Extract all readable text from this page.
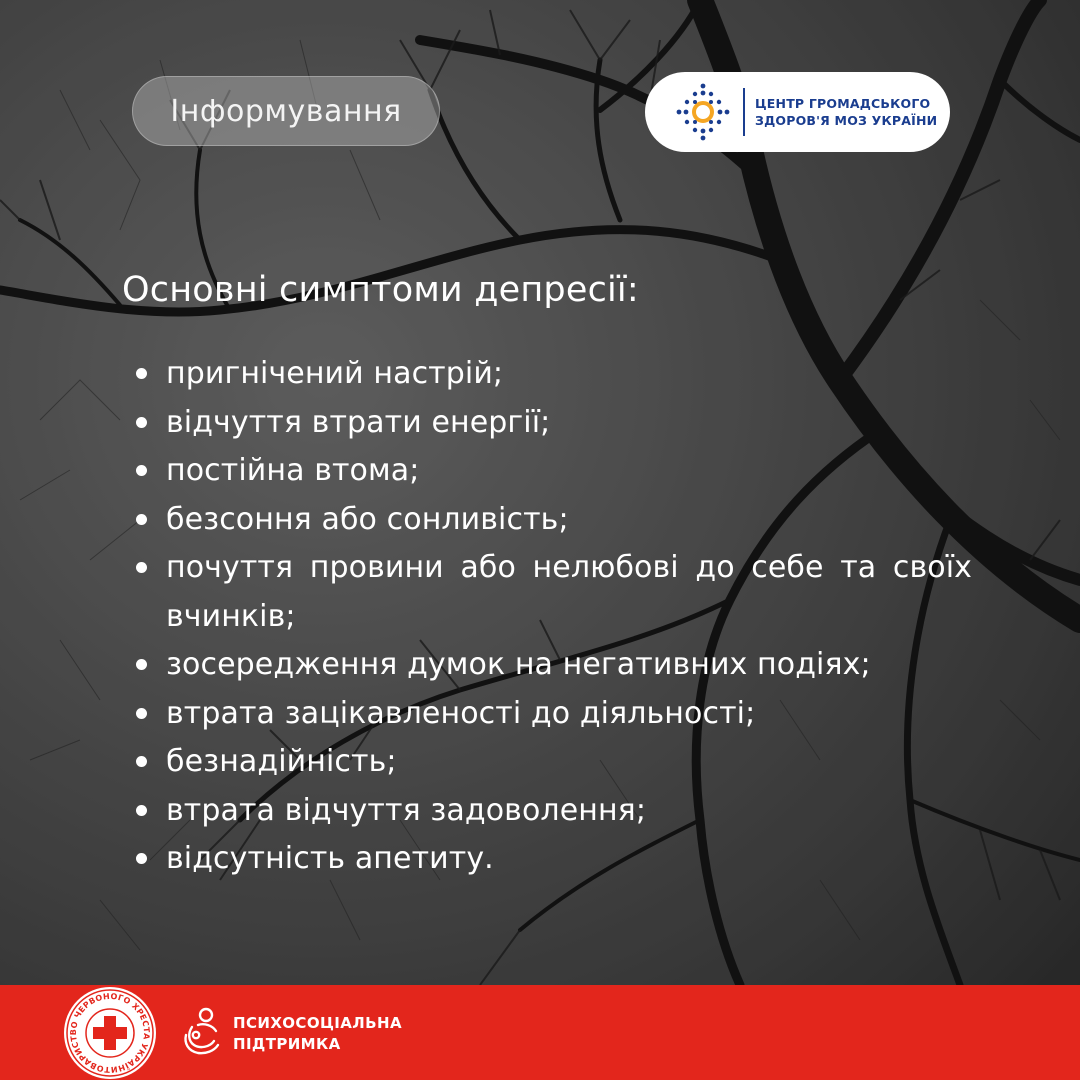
Інформування	ЦЕНТР ГРОМАДСЬКОГО
ЗДОРОВ'Я МОЗ УКРАЇНИ
Основні симптоми депресії:
пригнічений настрій;
відчуття втрати енергії;
постійна втома;
безсоння або сонливість;
почуття провини або нелюбові до себе та своїх вчинків;
зосередження думок на негативних подіях;
втрата зацікавленості до діяльності;
безнадійність;
втрата відчуття задоволення;
відсутність апетиту.
ТОВАРИСТВО ЧЕРВОНОГО ХРЕСТА УКРАЇНИ
ПСИХОСОЦІАЛЬНА
ПІДТРИМКА
